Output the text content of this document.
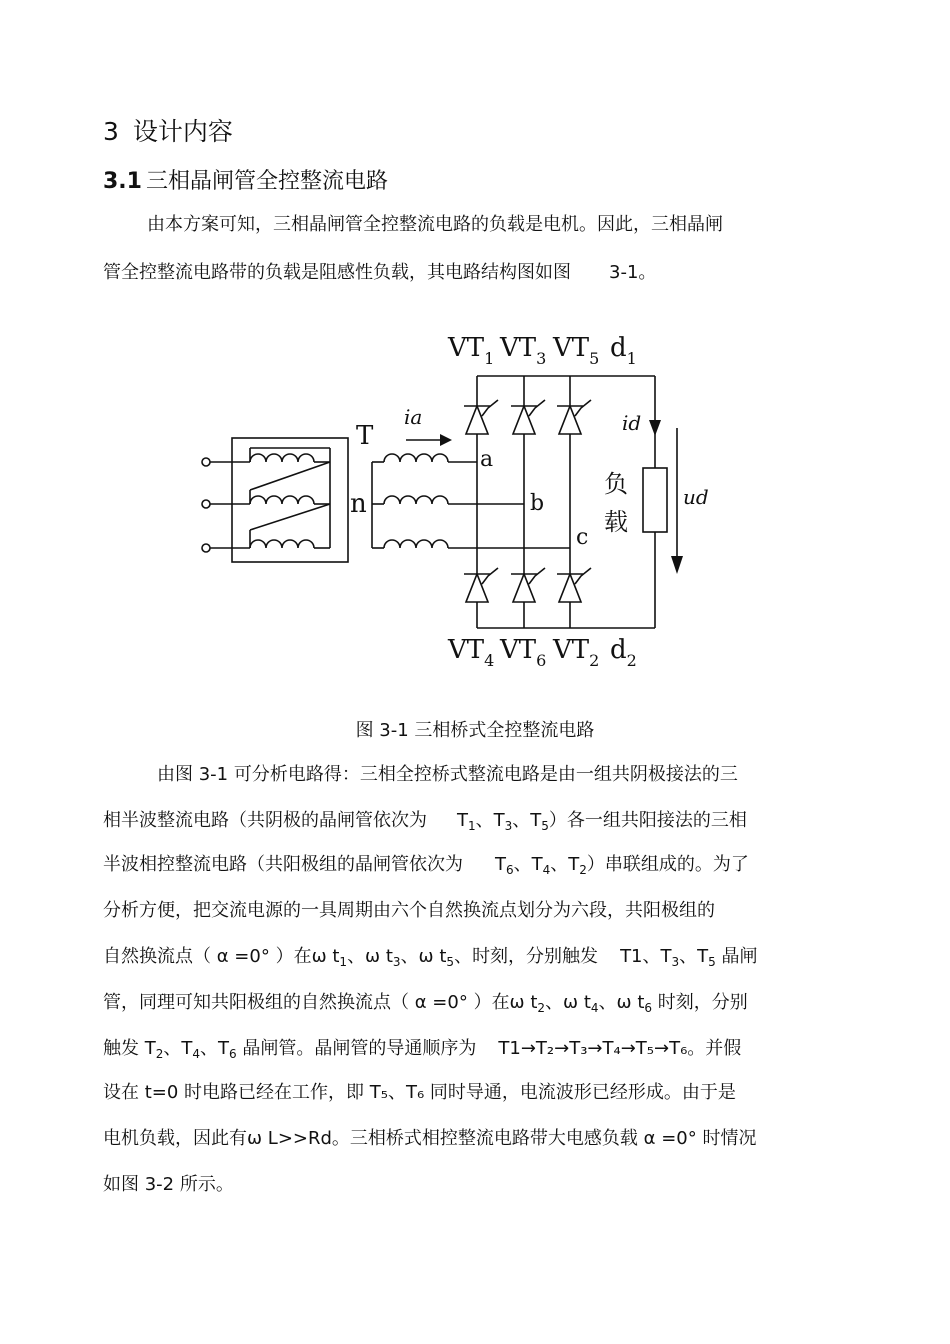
3 设计内容
3.1 三相晶闸管全控整流电路
由本方案可知，三相晶闸管全控整流电路的负载是电机。因此，三相晶闸
管全控整流电路带的负载是阻感性负载，其电路结构图如图 3-1。
$VT_1$ $VT_3$ $VT_5$ $d_1$
$VT_4$ $VT_6$ $VT_2$ $d_2$
T
n
a
b
c
ia	id
ud
负
载
图 3-1 三相桥式全控整流电路
由图 3-1 可分析电路得：三相全控桥式整流电路是由一组共阴极接法的三
相半波整流电路（共阴极的晶闸管依次为 $T_1$、$T_3$、$T_5$）各一组共阳接法的三相
半波相控整流电路（共阳极组的晶闸管依次为 $T_6$、$T_4$、$T_2$）串联组成的。为了
分析方便，把交流电源的一具周期由六个自然换流点划分为六段，共阳极组的
自然换流点（ α =0° ）在ω $t_1$、ω $t_3$、ω $t_5$、时刻，分别触发 T1、$T_3$、$T_5$ 晶闸
管，同理可知共阳极组的自然换流点（ α =0° ）在ω $t_2$、ω $t_4$、ω $t_6$ 时刻，分别
触发 $T_2$、$T_4$、$T_6$ 晶闸管。晶闸管的导通顺序为 T1→T₂→T₃→T₄→T₅→T₆。并假
设在 t=0 时电路已经在工作，即 T₅、T₆ 同时导通，电流波形已经形成。由于是
电机负载，因此有ω L>>Rd。三相桥式相控整流电路带大电感负载 α =0° 时情况
如图 3-2 所示。
